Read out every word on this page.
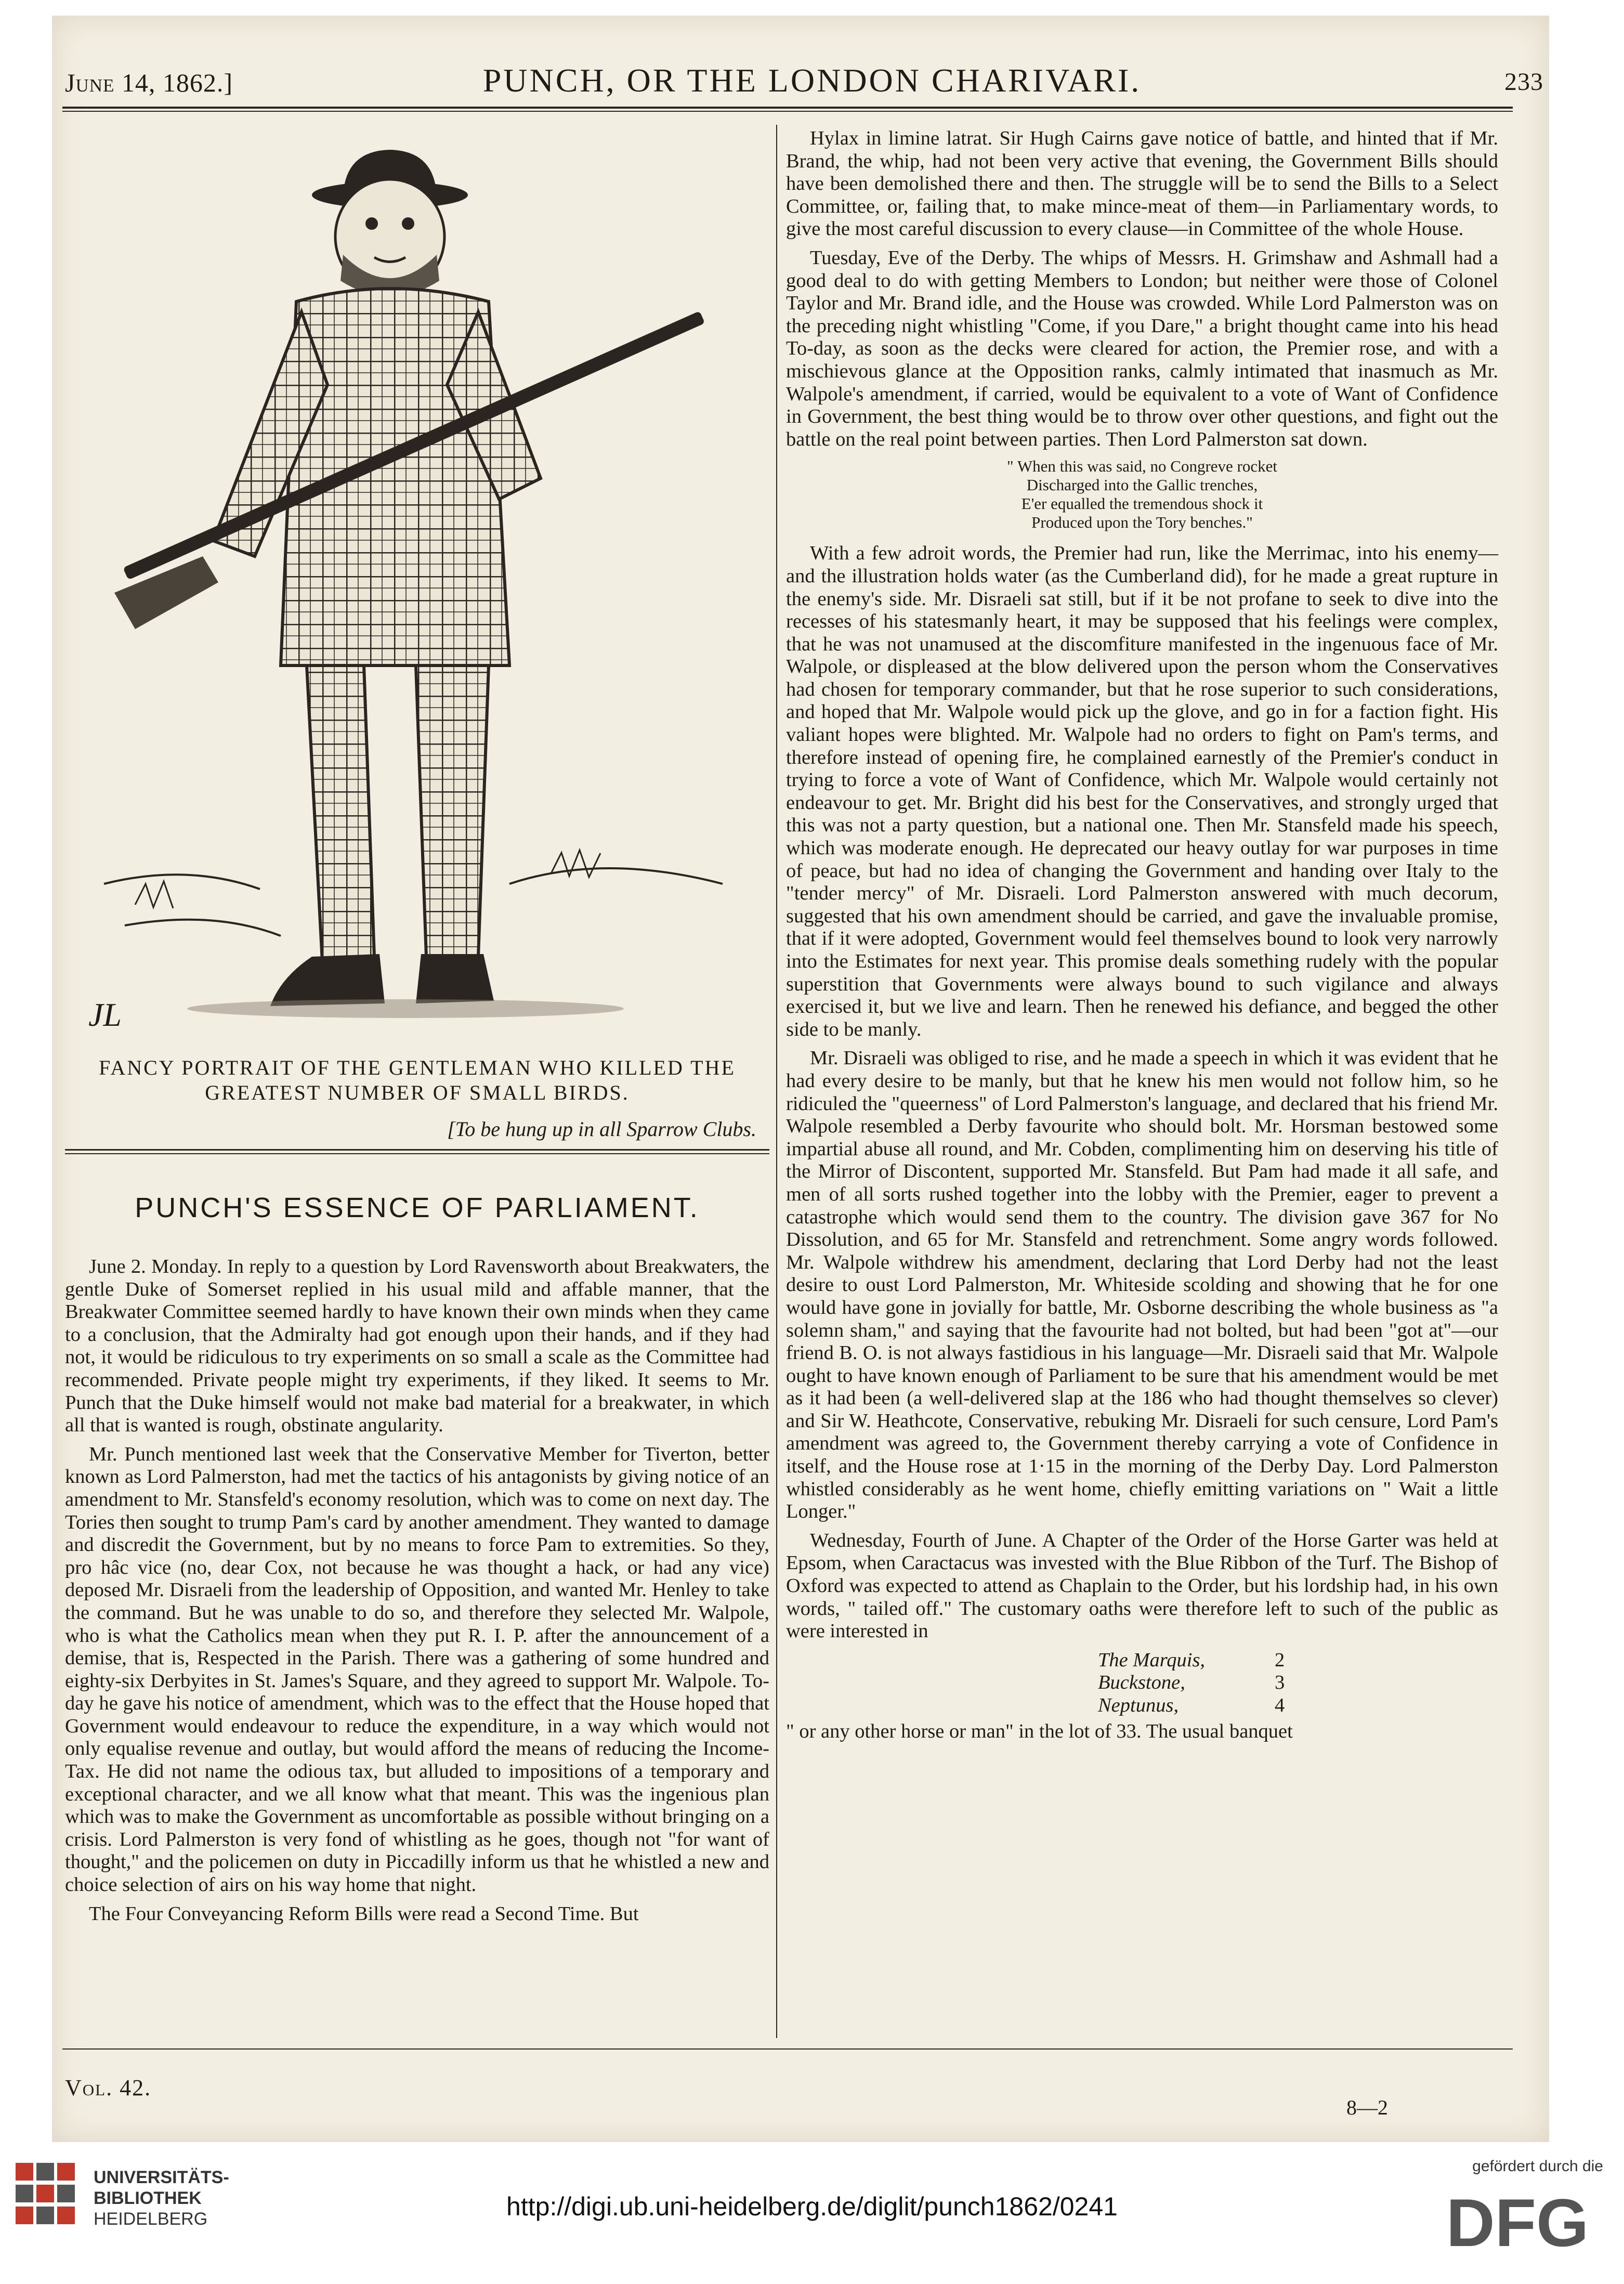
June 14, 1862.]	PUNCH, OR THE LONDON CHARIVARI.	233
JL
FANCY PORTRAIT OF THE GENTLEMAN WHO KILLED THE
GREATEST NUMBER OF SMALL BIRDS.
[To be hung up in all Sparrow Clubs.
PUNCH'S ESSENCE OF PARLIAMENT.

June 2. Monday. In reply to a question by Lord Ravensworth about Breakwaters, the gentle Duke of Somerset replied in his usual mild and affable manner, that the Breakwater Committee seemed hardly to have known their own minds when they came to a conclusion, that the Admiralty had got enough upon their hands, and if they had not, it would be ridiculous to try experiments on so small a scale as the Committee had recommended. Private people might try experiments, if they liked. It seems to Mr. Punch that the Duke himself would not make bad material for a breakwater, in which all that is wanted is rough, obstinate angularity.

Mr. Punch mentioned last week that the Conservative Member for Tiverton, better known as Lord Palmerston, had met the tactics of his antagonists by giving notice of an amendment to Mr. Stansfeld's economy resolution, which was to come on next day. The Tories then sought to trump Pam's card by another amendment. They wanted to damage and discredit the Government, but by no means to force Pam to extremities. So they, pro hâc vice (no, dear Cox, not because he was thought a hack, or had any vice) deposed Mr. Disraeli from the leadership of Opposition, and wanted Mr. Henley to take the command. But he was unable to do so, and therefore they selected Mr. Walpole, who is what the Catholics mean when they put R. I. P. after the announcement of a demise, that is, Respected in the Parish. There was a gathering of some hundred and eighty-six Derbyites in St. James's Square, and they agreed to support Mr. Walpole. To-day he gave his notice of amendment, which was to the effect that the House hoped that Government would endeavour to reduce the expenditure, in a way which would not only equalise revenue and outlay, but would afford the means of reducing the Income-Tax. He did not name the odious tax, but alluded to impositions of a temporary and exceptional character, and we all know what that meant. This was the ingenious plan which was to make the Government as uncomfortable as possible without bringing on a crisis. Lord Palmerston is very fond of whistling as he goes, though not "for want of thought," and the policemen on duty in Piccadilly inform us that he whistled a new and choice selection of airs on his way home that night.

The Four Conveyancing Reform Bills were read a Second Time. But

Hylax in limine latrat. Sir Hugh Cairns gave notice of battle, and hinted that if Mr. Brand, the whip, had not been very active that evening, the Government Bills should have been demolished there and then. The struggle will be to send the Bills to a Select Committee, or, failing that, to make mince-meat of them—in Parliamentary words, to give the most careful discussion to every clause—in Committee of the whole House.

Tuesday, Eve of the Derby. The whips of Messrs. H. Grimshaw and Ashmall had a good deal to do with getting Members to London; but neither were those of Colonel Taylor and Mr. Brand idle, and the House was crowded. While Lord Palmerston was on the preceding night whistling "Come, if you Dare," a bright thought came into his head To-day, as soon as the decks were cleared for action, the Premier rose, and with a mischievous glance at the Opposition ranks, calmly intimated that inasmuch as Mr. Walpole's amendment, if carried, would be equivalent to a vote of Want of Confidence in Government, the best thing would be to throw over other questions, and fight out the battle on the real point between parties. Then Lord Palmerston sat down.

" When this was said, no Congreve rocket
Discharged into the Gallic trenches,
E'er equalled the tremendous shock it
Produced upon the Tory benches."

With a few adroit words, the Premier had run, like the Merrimac, into his enemy—and the illustration holds water (as the Cumberland did), for he made a great rupture in the enemy's side. Mr. Disraeli sat still, but if it be not profane to seek to dive into the recesses of his statesmanly heart, it may be supposed that his feelings were complex, that he was not unamused at the discomfiture manifested in the ingenuous face of Mr. Walpole, or displeased at the blow delivered upon the person whom the Conservatives had chosen for temporary commander, but that he rose superior to such considerations, and hoped that Mr. Walpole would pick up the glove, and go in for a faction fight. His valiant hopes were blighted. Mr. Walpole had no orders to fight on Pam's terms, and therefore instead of opening fire, he complained earnestly of the Premier's conduct in trying to force a vote of Want of Confidence, which Mr. Walpole would certainly not endeavour to get. Mr. Bright did his best for the Conservatives, and strongly urged that this was not a party question, but a national one. Then Mr. Stansfeld made his speech, which was moderate enough. He deprecated our heavy outlay for war purposes in time of peace, but had no idea of changing the Government and handing over Italy to the "tender mercy" of Mr. Disraeli. Lord Palmerston answered with much decorum, suggested that his own amendment should be carried, and gave the invaluable promise, that if it were adopted, Government would feel themselves bound to look very narrowly into the Estimates for next year. This promise deals something rudely with the popular superstition that Governments were always bound to such vigilance and always exercised it, but we live and learn. Then he renewed his defiance, and begged the other side to be manly.

Mr. Disraeli was obliged to rise, and he made a speech in which it was evident that he had every desire to be manly, but that he knew his men would not follow him, so he ridiculed the "queerness" of Lord Palmerston's language, and declared that his friend Mr. Walpole resembled a Derby favourite who should bolt. Mr. Horsman bestowed some impartial abuse all round, and Mr. Cobden, complimenting him on deserving his title of the Mirror of Discontent, supported Mr. Stansfeld. But Pam had made it all safe, and men of all sorts rushed together into the lobby with the Premier, eager to prevent a catastrophe which would send them to the country. The division gave 367 for No Dissolution, and 65 for Mr. Stansfeld and retrenchment. Some angry words followed. Mr. Walpole withdrew his amendment, declaring that Lord Derby had not the least desire to oust Lord Palmerston, Mr. Whiteside scolding and showing that he for one would have gone in jovially for battle, Mr. Osborne describing the whole business as "a solemn sham," and saying that the favourite had not bolted, but had been "got at"—our friend B. O. is not always fastidious in his language—Mr. Disraeli said that Mr. Walpole ought to have known enough of Parliament to be sure that his amendment would be met as it had been (a well-delivered slap at the 186 who had thought themselves so clever) and Sir W. Heathcote, Conservative, rebuking Mr. Disraeli for such censure, Lord Pam's amendment was agreed to, the Government thereby carrying a vote of Confidence in itself, and the House rose at 1·15 in the morning of the Derby Day. Lord Palmerston whistled considerably as he went home, chiefly emitting variations on " Wait a little Longer."

Wednesday, Fourth of June. A Chapter of the Order of the Horse Garter was held at Epsom, when Caractacus was invested with the Blue Ribbon of the Turf. The Bishop of Oxford was expected to attend as Chaplain to the Order, but his lordship had, in his own words, " tailed off." The customary oaths were therefore left to such of the public as were interested in

The Marquis,	2
Buckstone,	3
Neptunus,	4

" or any other horse or man" in the lot of 33. The usual banquet

Vol. 42.
8—2
UNIVERSITÄTS-
BIBLIOTHEK
HEIDELBERG	http://digi.ub.uni-heidelberg.de/diglit/punch1862/0241
gefördert durch die
DFG
